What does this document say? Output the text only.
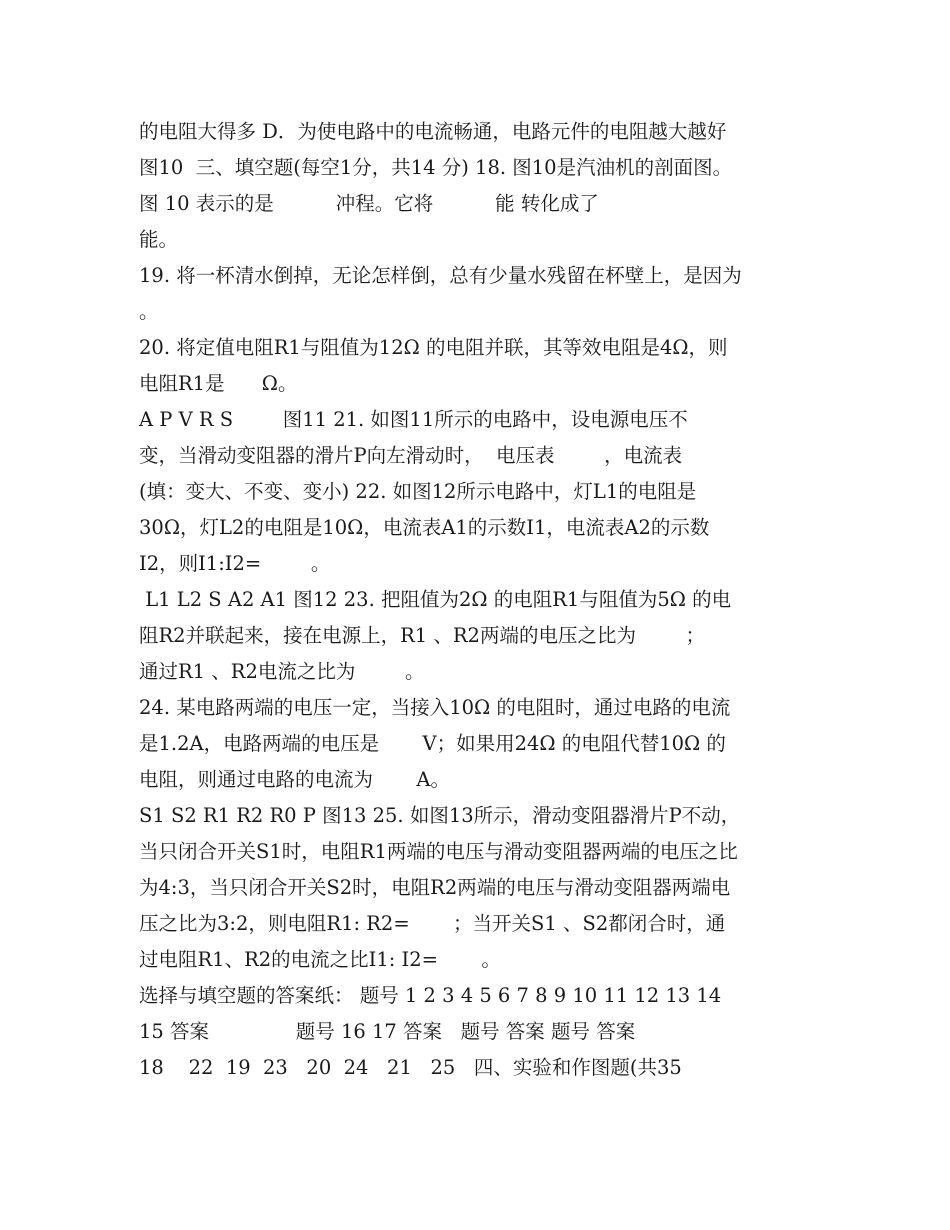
的电阻大得多 D．为使电路中的电流畅通，电路元件的电阻越大越好
图10  三、填空题(每空1分，共14 分) 18. 图10是汽油机的剖面图。
图 10 表示的是          冲程。它将          能 转化成了
能。
19. 将一杯清水倒掉，无论怎样倒，总有少量水残留在杯壁上，是因为
。
20. 将定值电阻R1与阻值为12Ω 的电阻并联，其等效电阻是4Ω，则
电阻R1是      Ω。
A P V R S        图11 21. 如图11所示的电路中，设电源电压不
变，当滑动变阻器的滑片P向左滑动时，  电压表        ，电流表
(填：变大、不变、变小) 22. 如图12所示电路中，灯L1的电阻是
30Ω，灯L2的电阻是10Ω，电流表A1的示数I1，电流表A2的示数
I2，则I1:I2=        。
L1 L2 S A2 A1 图12 23. 把阻值为2Ω 的电阻R1与阻值为5Ω 的电
阻R2并联起来，接在电源上，R1 、R2两端的电压之比为        ；
通过R1 、R2电流之比为        。
24. 某电路两端的电压一定，当接入10Ω 的电阻时，通过电路的电流
是1.2A，电路两端的电压是       V；如果用24Ω 的电阻代替10Ω 的
电阻，则通过电路的电流为       A。
S1 S2 R1 R2 R0 P 图13 25. 如图13所示，滑动变阻器滑片P不动，
当只闭合开关S1时，电阻R1两端的电压与滑动变阻器两端的电压之比
为4:3，当只闭合开关S2时，电阻R2两端的电压与滑动变阻器两端电
压之比为3:2，则电阻R1: R2=       ；当开关S1 、S2都闭合时，通
过电阻R1、R2的电流之比I1: I2=       。
选择与填空题的答案纸： 题号 1 2 3 4 5 6 7 8 9 10 11 12 13 14
15 答案              题号 16 17 答案   题号 答案 题号 答案
18    22  19  23   20  24   21   25   四、实验和作图题(共35
